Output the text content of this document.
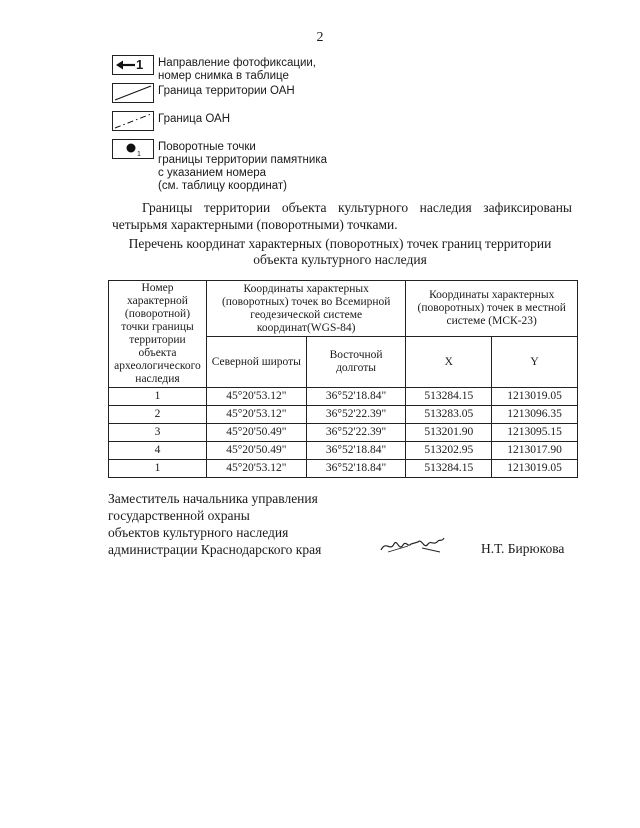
2
1 Направление фотофиксации,
номер снимка в таблице
Граница территории ОАН
Граница ОАН
1
Поворотные точки
границы территории памятника
с указанием номера
(см. таблицу координат)
Границы территории объекта культурного наследия зафиксированы четырьмя характерными (поворотными) точками.
Перечень координат характерных (поворотных) точек границ территории
объекта культурного наследия
Номер характерной (поворотной) точки границы территории объекта археологического наследия	Координаты характерных (поворотных) точек во Всемирной геодезической системе координат(WGS-84)		Координаты характерных (поворотных) точек в местной системе (МСК-23)	
	Северной широты	Восточной долготы	X	Y
1	45°20'53.12"	36°52'18.84"	513284.15	1213019.05
2	45°20'53.12"	36°52'22.39"	513283.05	1213096.35
3	45°20'50.49"	36°52'22.39"	513201.90	1213095.15
4	45°20'50.49"	36°52'18.84"	513202.95	1213017.90
1	45°20'53.12"	36°52'18.84"	513284.15	1213019.05
Заместитель начальника управления
государственной охраны
объектов культурного наследия
администрации Краснодарского края	Н.Т. Бирюкова
